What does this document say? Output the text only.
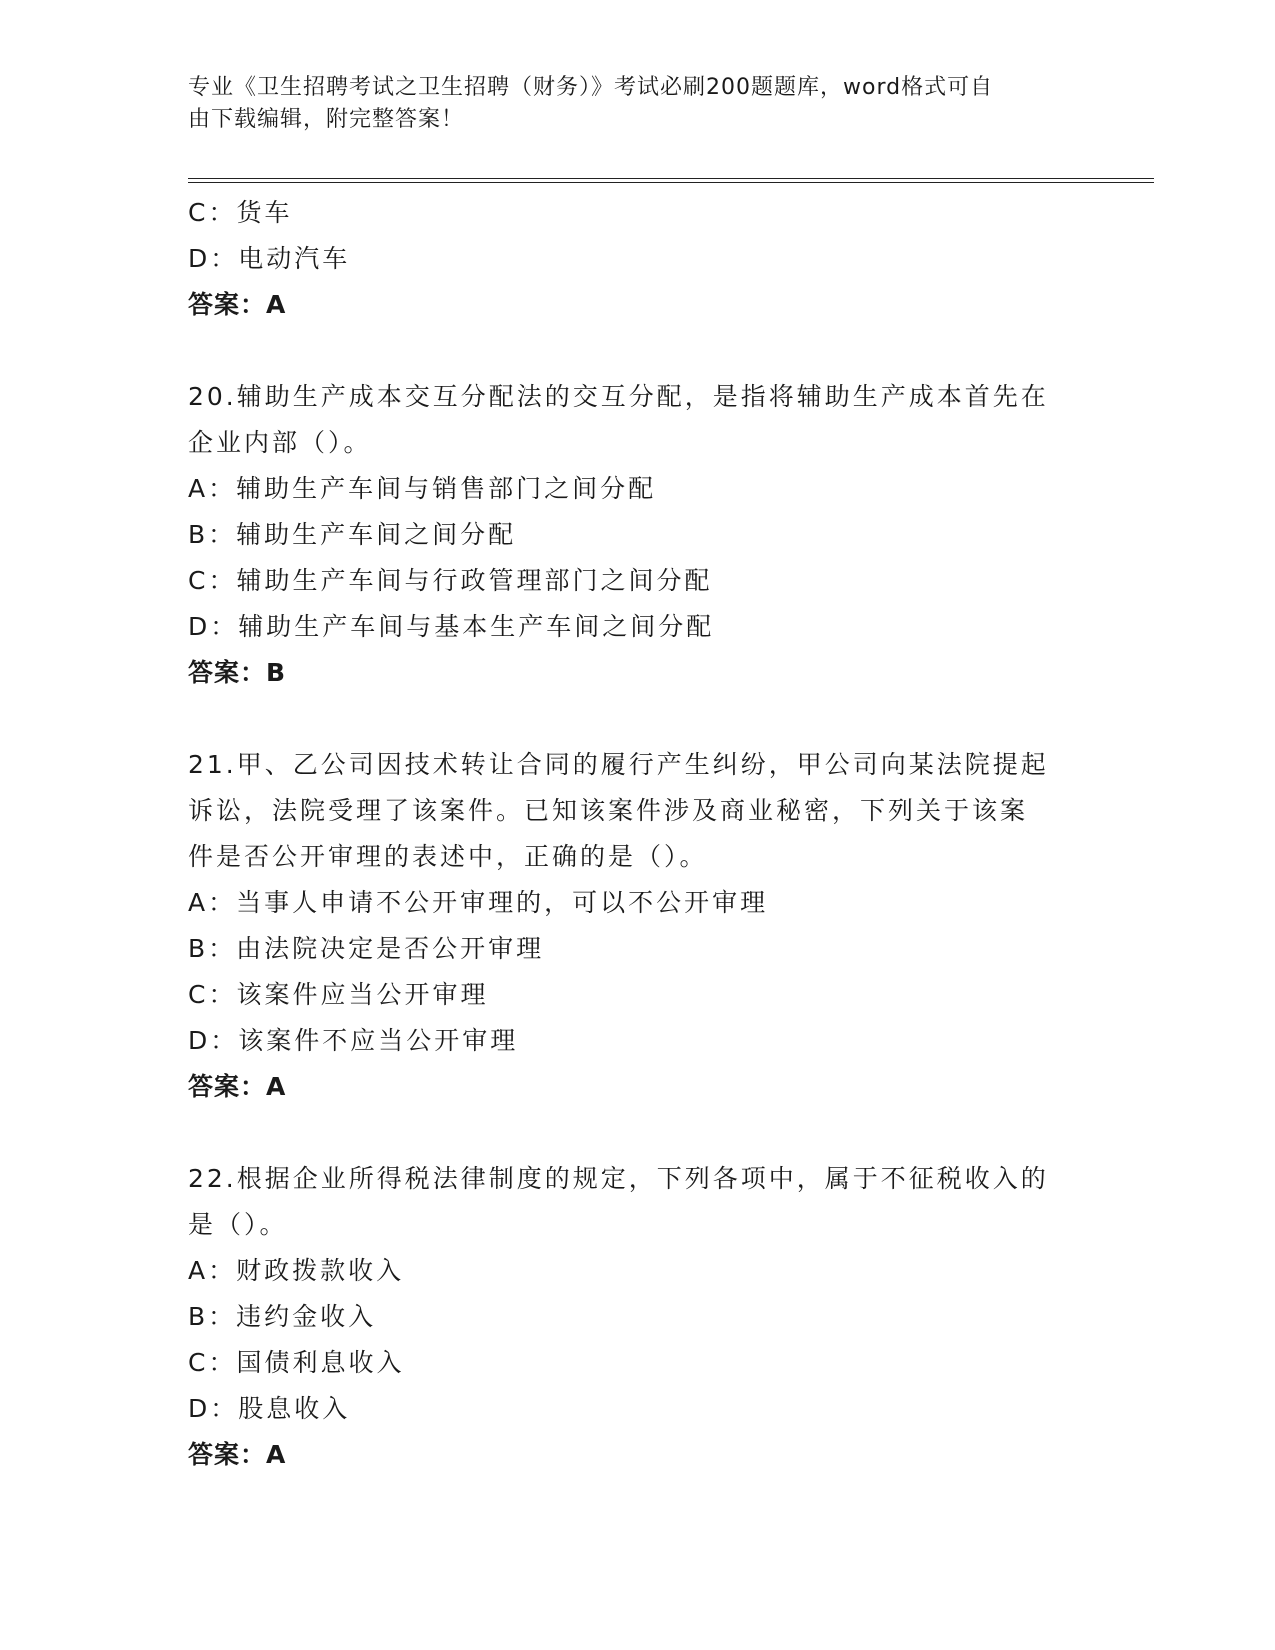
专业《卫生招聘考试之卫生招聘（财务）》考试必刷200题题库，word格式可自
由下载编辑，附完整答案！
C：货车
D：电动汽车
答案：A
20.辅助生产成本交互分配法的交互分配，是指将辅助生产成本首先在
企业内部（）。
A：辅助生产车间与销售部门之间分配
B：辅助生产车间之间分配
C：辅助生产车间与行政管理部门之间分配
D：辅助生产车间与基本生产车间之间分配
答案：B
21.甲、乙公司因技术转让合同的履行产生纠纷，甲公司向某法院提起
诉讼，法院受理了该案件。已知该案件涉及商业秘密，下列关于该案
件是否公开审理的表述中，正确的是（）。
A：当事人申请不公开审理的，可以不公开审理
B：由法院决定是否公开审理
C：该案件应当公开审理
D：该案件不应当公开审理
答案：A
22.根据企业所得税法律制度的规定，下列各项中，属于不征税收入的
是（）。
A：财政拨款收入
B：违约金收入
C：国债利息收入
D：股息收入
答案：A
